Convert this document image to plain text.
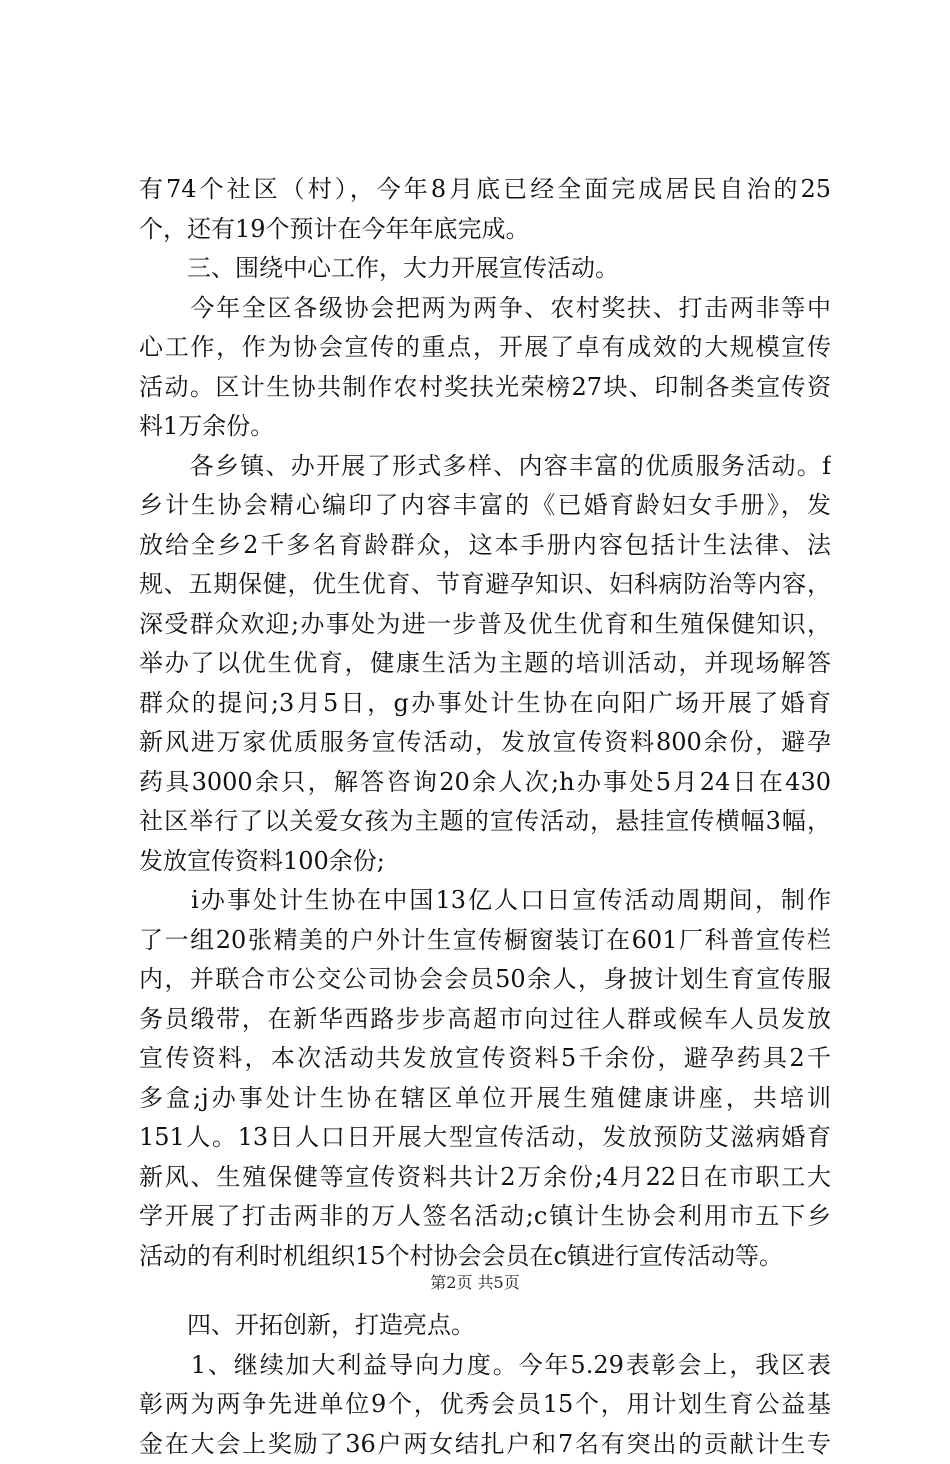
有74个社区（村），今年8月底已经全面完成居民自治的25
个，还有19个预计在今年年底完成。
　　三、围绕中心工作，大力开展宣传活动。
　　今年全区各级协会把两为两争、农村奖扶、打击两非等中
心工作，作为协会宣传的重点，开展了卓有成效的大规模宣传
活动。区计生协共制作农村奖扶光荣榜27块、印制各类宣传资
料1万余份。
　　各乡镇、办开展了形式多样、内容丰富的优质服务活动。f
乡计生协会精心编印了内容丰富的《已婚育龄妇女手册》，发
放给全乡2千多名育龄群众，这本手册内容包括计生法律、法
规、五期保健，优生优育、节育避孕知识、妇科病防治等内容，
深受群众欢迎;办事处为进一步普及优生优育和生殖保健知识，
举办了以优生优育，健康生活为主题的培训活动，并现场解答
群众的提问;3月5日，g办事处计生协在向阳广场开展了婚育
新风进万家优质服务宣传活动，发放宣传资料800余份，避孕
药具3000余只，解答咨询20余人次;h办事处5月24日在430
社区举行了以关爱女孩为主题的宣传活动，悬挂宣传横幅3幅，
发放宣传资料100余份;
　　i办事处计生协在中国13亿人口日宣传活动周期间，制作
了一组20张精美的户外计生宣传橱窗装订在601厂科普宣传栏
内，并联合市公交公司协会会员50余人，身披计划生育宣传服
务员缎带，在新华西路步步高超市向过往人群或候车人员发放
宣传资料，本次活动共发放宣传资料5千余份，避孕药具2千
多盒;j办事处计生协在辖区单位开展生殖健康讲座，共培训
151人。13日人口日开展大型宣传活动，发放预防艾滋病婚育
新风、生殖保健等宣传资料共计2万余份;4月22日在市职工大
学开展了打击两非的万人签名活动;c镇计生协会利用市五下乡
活动的有利时机组织15个村协会会员在c镇进行宣传活动等。
　　四、开拓创新，打造亮点。
　　1、继续加大利益导向力度。今年5.29表彰会上，我区表
彰两为两争先进单位9个，优秀会员15个，用计划生育公益基
金在大会上奖励了36户两女结扎户和7名有突出的贡献计生专
第2页 共5页
